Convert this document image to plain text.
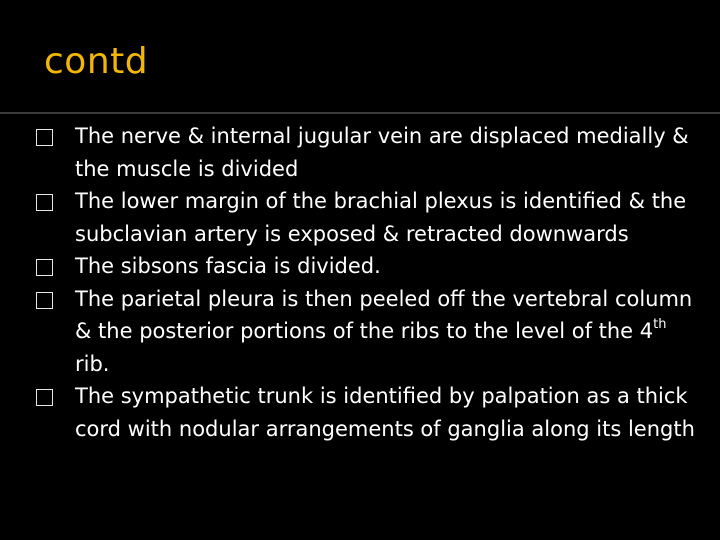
contd
The nerve & internal jugular vein are displaced medially & the muscle is divided
The lower margin of the brachial plexus is identified & the subclavian artery is exposed & retracted downwards
The sibsons fascia is divided.
The parietal pleura is then peeled off the vertebral column & the posterior portions of the ribs to the level of the 4th rib.
The sympathetic trunk is identified by palpation as a thick cord with nodular arrangements of ganglia along its length
